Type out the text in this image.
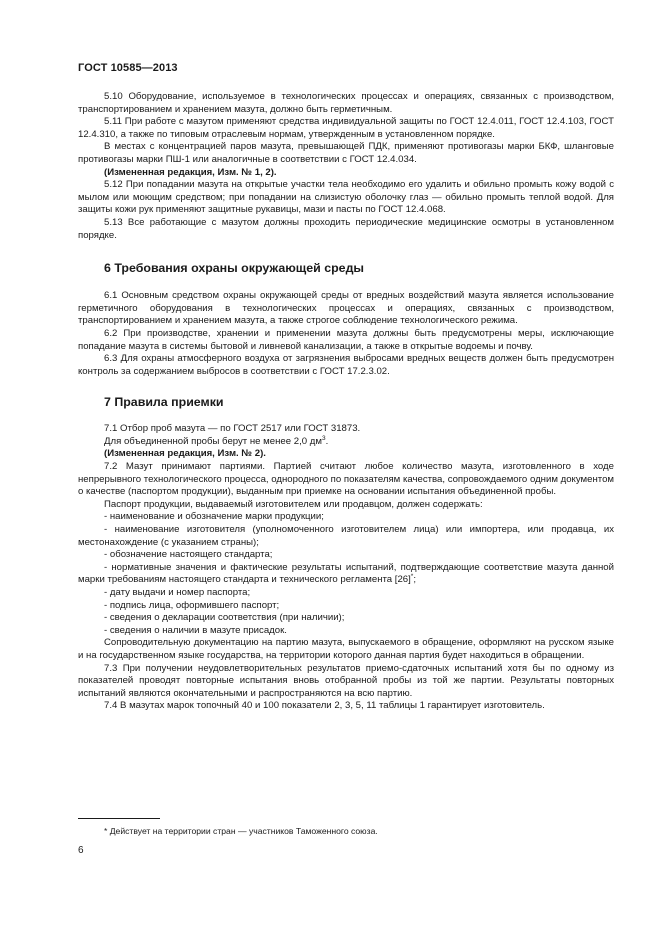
ГОСТ 10585—2013

5.10 Оборудование, используемое в технологических процессах и операциях, связанных с производством, транспортированием и хранением мазута, должно быть герметичным.

5.11 При работе с мазутом применяют средства индивидуальной защиты по ГОСТ 12.4.011, ГОСТ 12.4.103, ГОСТ 12.4.310, а также по типовым отраслевым нормам, утвержденным в установленном порядке.

В местах с концентрацией паров мазута, превышающей ПДК, применяют противогазы марки БКФ, шланговые противогазы марки ПШ-1 или аналогичные в соответствии с ГОСТ 12.4.034.

(Измененная редакция, Изм. № 1, 2).

5.12 При попадании мазута на открытые участки тела необходимо его удалить и обильно промыть кожу водой с мылом или моющим средством; при попадании на слизистую оболочку глаз — обильно промыть теплой водой. Для защиты кожи рук применяют защитные рукавицы, мази и пасты по ГОСТ 12.4.068.

5.13 Все работающие с мазутом должны проходить периодические медицинские осмотры в установленном порядке.

6 Требования охраны окружающей среды

6.1 Основным средством охраны окружающей среды от вредных воздействий мазута является использование герметичного оборудования в технологических процессах и операциях, связанных с производством, транспортированием и хранением мазута, а также строгое соблюдение технологического режима.

6.2 При производстве, хранении и применении мазута должны быть предусмотрены меры, исключающие попадание мазута в системы бытовой и ливневой канализации, а также в открытые водоемы и почву.

6.3 Для охраны атмосферного воздуха от загрязнения выбросами вредных веществ должен быть предусмотрен контроль за содержанием выбросов в соответствии с ГОСТ 17.2.3.02.

7 Правила приемки

7.1 Отбор проб мазута — по ГОСТ 2517 или ГОСТ 31873.

Для объединенной пробы берут не менее 2,0 $дм^3$.

(Измененная редакция, Изм. № 2).

7.2 Мазут принимают партиями. Партией считают любое количество мазута, изготовленного в ходе непрерывного технологического процесса, однородного по показателям качества, сопровождаемого одним документом о качестве (паспортом продукции), выданным при приемке на основании испытания объединенной пробы.

Паспорт продукции, выдаваемый изготовителем или продавцом, должен содержать:

- наименование и обозначение марки продукции;

- наименование изготовителя (уполномоченного изготовителем лица) или импортера, или продавца, их местонахождение (с указанием страны);

- обозначение настоящего стандарта;

- нормативные значения и фактические результаты испытаний, подтверждающие соответствие мазута данной марки требованиям настоящего стандарта и технического регламента [26]*;

- дату выдачи и номер паспорта;

- подпись лица, оформившего паспорт;

- сведения о декларации соответствия (при наличии);

- сведения о наличии в мазуте присадок.

Сопроводительную документацию на партию мазута, выпускаемого в обращение, оформляют на русском языке и на государственном языке государства, на территории которого данная партия будет находиться в обращении.

7.3 При получении неудовлетворительных результатов приемо-сдаточных испытаний хотя бы по одному из показателей проводят повторные испытания вновь отобранной пробы из той же партии. Результаты повторных испытаний являются окончательными и распространяются на всю партию.

7.4 В мазутах марок топочный 40 и 100 показатели 2, 3, 5, 11 таблицы 1 гарантирует изготовитель.

* Действует на территории стран — участников Таможенного союза.
6
